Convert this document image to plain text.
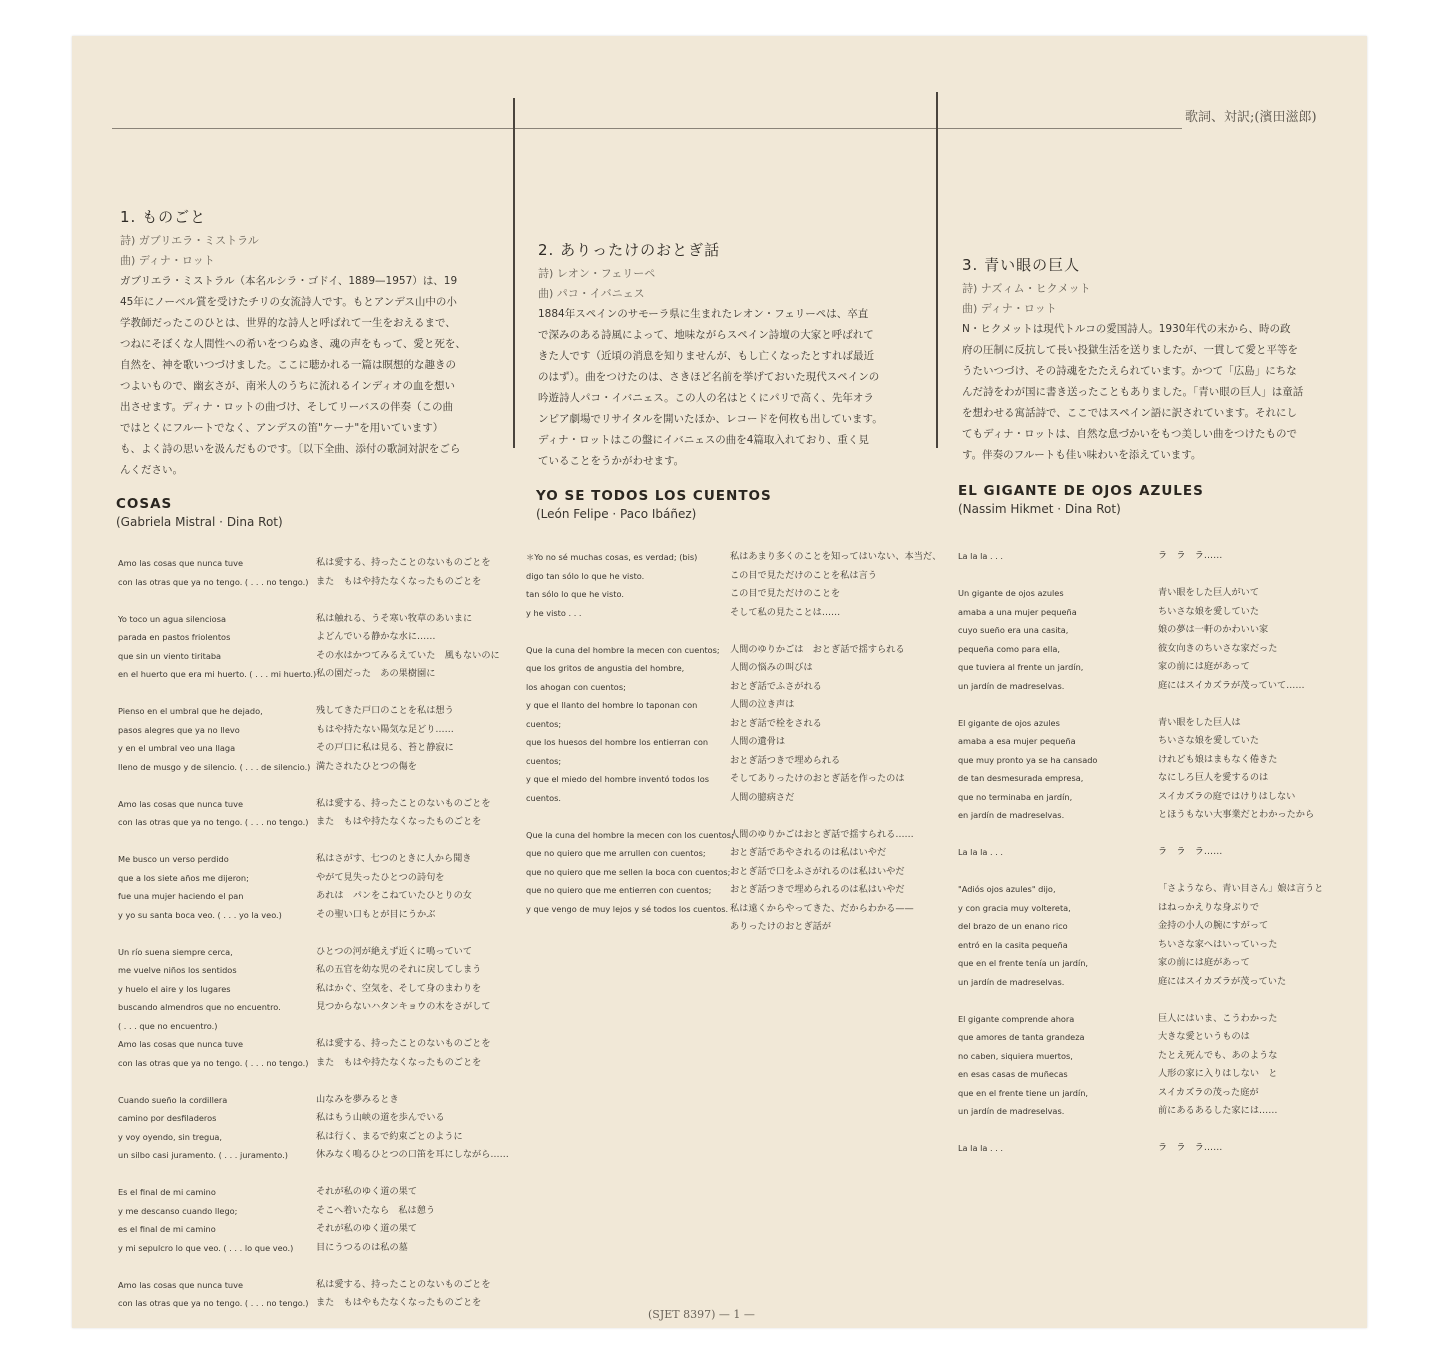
歌詞、対訳;(濱田滋郎)
1. ものごと
詩) ガブリエラ・ミストラル
曲) ディナ・ロット

ガブリエラ・ミストラル（本名ルシラ・ゴドイ、1889—1957）は、19

45年にノーベル賞を受けたチリの女流詩人です。もとアンデス山中の小

学教師だったこのひとは、世界的な詩人と呼ばれて一生をおえるまで、

つねにそぼくな人間性への希いをつらぬき、魂の声をもって、愛と死を、

自然を、神を歌いつづけました。ここに聴かれる一篇は瞑想的な趣きの

つよいもので、幽玄さが、南米人のうちに流れるインディオの血を想い

出させます。ディナ・ロットの曲づけ、そしてリーバスの伴奏（この曲

ではとくにフルートでなく、アンデスの笛"ケーナ"を用いています）

も、よく詩の思いを汲んだものです。〔以下全曲、添付の歌詞対訳をごら

んください。

2. ありったけのおとぎ話
詩) レオン・フェリーペ
曲) パコ・イバニェス

1884年スペインのサモーラ県に生まれたレオン・フェリーペは、卒直

で深みのある詩風によって、地味ながらスペイン詩壇の大家と呼ばれて

きた人です（近頃の消息を知りませんが、もし亡くなったとすれば最近

のはず）。曲をつけたのは、さきほど名前を挙げておいた現代スペインの

吟遊詩人パコ・イバニェス。この人の名はとくにパリで高く、先年オラ

ンピア劇場でリサイタルを開いたほか、レコードを何枚も出しています。

ディナ・ロットはこの盤にイバニェスの曲を4篇取入れており、重く見

ていることをうかがわせます。

3. 青い眼の巨人
詩) ナズィム・ヒクメット
曲) ディナ・ロット

N・ヒクメットは現代トルコの愛国詩人。1930年代の末から、時の政

府の圧制に反抗して長い投獄生活を送りましたが、一貫して愛と平等を

うたいつづけ、その詩魂をたたえられています。かつて「広島」にちな

んだ詩をわが国に書き送ったこともありました。「青い眼の巨人」は童話

を想わせる寓話詩で、ここではスペイン語に訳されています。それにし

てもディナ・ロットは、自然な息づかいをもつ美しい曲をつけたもので

す。伴奏のフルートも佳い味わいを添えています。

COSAS
(Gabriela Mistral · Dina Rot)
YO SE TODOS LOS CUENTOS
(León Felipe · Paco Ibáñez)
EL GIGANTE DE OJOS AZULES
(Nassim Hikmet · Dina Rot)
Amo las cosas que nunca tuve
con las otras que ya no tengo. ( . . . no tengo.)
Yo toco un agua silenciosa
parada en pastos friolentos
que sin un viento tiritaba
en el huerto que era mi huerto. ( . . . mi huerto.)
Pienso en el umbral que he dejado,
pasos alegres que ya no llevo
y en el umbral veo una llaga
lleno de musgo y de silencio. ( . . . de silencio.)
Amo las cosas que nunca tuve
con las otras que ya no tengo. ( . . . no tengo.)
Me busco un verso perdido
que a los siete años me dijeron;
fue una mujer haciendo el pan
y yo su santa boca veo. ( . . . yo la veo.)
Un río suena siempre cerca,
me vuelve niños los sentidos
y huelo el aire y los lugares
buscando almendros que no encuentro.
( . . . que no encuentro.)
Amo las cosas que nunca tuve
con las otras que ya no tengo. ( . . . no tengo.)
Cuando sueño la cordillera
camino por desfiladeros
y voy oyendo, sin tregua,
un silbo casi juramento. ( . . . juramento.)
Es el final de mi camino
y me descanso cuando llego;
es el final de mi camino
y mi sepulcro lo que veo. ( . . . lo que veo.)
Amo las cosas que nunca tuve
con las otras que ya no tengo. ( . . . no tengo.)
私は愛する、持ったことのないものごとを
また　もはや持たなくなったものごとを
私は触れる、うそ寒い牧草のあいまに
よどんでいる静かな水に……
その水はかつてみるえていた　風もないのに
私の園だった　あの果樹園に
残してきた戸口のことを私は想う
もはや持たない陽気な足どり……
その戸口に私は見る、苔と静寂に
満たされたひとつの傷を
私は愛する、持ったことのないものごとを
また　もはや持たなくなったものごとを
私はさがす、七つのときに人から聞き
やがて見失ったひとつの詩句を
あれは　パンをこねていたひとりの女
その聖い口もとが目にうかぶ
ひとつの河が絶えず近くに鳴っていて
私の五官を幼な児のそれに戻してしまう
私はかぐ、空気を、そして身のまわりを
見つからないハタンキョウの木をさがして
私は愛する、持ったことのないものごとを
また　もはや持たなくなったものごとを
山なみを夢みるとき
私はもう山峡の道を歩んでいる
私は行く、まるで約束ごとのように
休みなく鳴るひとつの口笛を耳にしながら……
それが私のゆく道の果て
そこへ着いたなら　私は憩う
それが私のゆく道の果て
目にうつるのは私の墓
私は愛する、持ったことのないものごとを
また　もはやもたなくなったものごとを
＊Yo no sé muchas cosas, es verdad; (bis)
digo tan sólo lo que he visto.
tan sólo lo que he visto.
y he visto . . .
Que la cuna del hombre la mecen con cuentos;
que los gritos de angustia del hombre,
los ahogan con cuentos;
y que el llanto del hombre lo taponan con
cuentos;
que los huesos del hombre los entierran con
cuentos;
y que el miedo del hombre inventó todos los
cuentos.
Que la cuna del hombre la mecen con los cuentos;
que no quiero que me arrullen con cuentos;
que no quiero que me sellen la boca con cuentos;
que no quiero que me entierren con cuentos;
y que vengo de muy lejos y sé todos los cuentos.
私はあまり多くのことを知ってはいない、本当だ、
この目で見ただけのことを私は言う
この目で見ただけのことを
そして私の見たことは……
人間のゆりかごは　おとぎ話で揺すられる
人間の悩みの叫びは
おとぎ話でふさがれる
人間の泣き声は
おとぎ話で栓をされる
人間の遺骨は
おとぎ話つきで埋められる
そしてありったけのおとぎ話を作ったのは
人間の臆病さだ
人間のゆりかごはおとぎ話で揺すられる……
おとぎ話であやされるのは私はいやだ
おとぎ話で口をふさがれるのは私はいやだ
おとぎ話つきで埋められるのは私はいやだ
私は遠くからやってきた、だからわかる——
ありったけのおとぎ話が
La la la . . .
Un gigante de ojos azules
amaba a una mujer pequeña
cuyo sueño era una casita,
pequeña como para ella,
que tuviera al frente un jardín,
un jardín de madreselvas.
El gigante de ojos azules
amaba a esa mujer pequeña
que muy pronto ya se ha cansado
de tan desmesurada empresa,
que no terminaba en jardín,
en jardín de madreselvas.
La la la . . .
"Adiós ojos azules" dijo,
y con gracia muy voltereta,
del brazo de un enano rico
entró en la casita pequeña
que en el frente tenía un jardín,
un jardín de madreselvas.
El gigante comprende ahora
que amores de tanta grandeza
no caben, siquiera muertos,
en esas casas de muñecas
que en el frente tiene un jardín,
un jardín de madreselvas.
La la la . . .
ラ　ラ　ラ……
青い眼をした巨人がいて
ちいさな娘を愛していた
娘の夢は一軒のかわいい家
彼女向きのちいさな家だった
家の前には庭があって
庭にはスイカズラが茂っていて……
青い眼をした巨人は
ちいさな娘を愛していた
けれども娘はまもなく倦きた
なにしろ巨人を愛するのは
スイカズラの庭ではけりはしない
とほうもない大事業だとわかったから
ラ　ラ　ラ……
「さようなら、青い目さん」娘は言うと
はねっかえりな身ぶりで
金持の小人の腕にすがって
ちいさな家へはいっていった
家の前には庭があって
庭にはスイカズラが茂っていた
巨人にはいま、こうわかった
大きな愛というものは
たとえ死んでも、あのような
人形の家に入りはしない　と
スイカズラの茂った庭が
前にあるあるした家には……
ラ　ラ　ラ……
(SJET 8397) — 1 —
